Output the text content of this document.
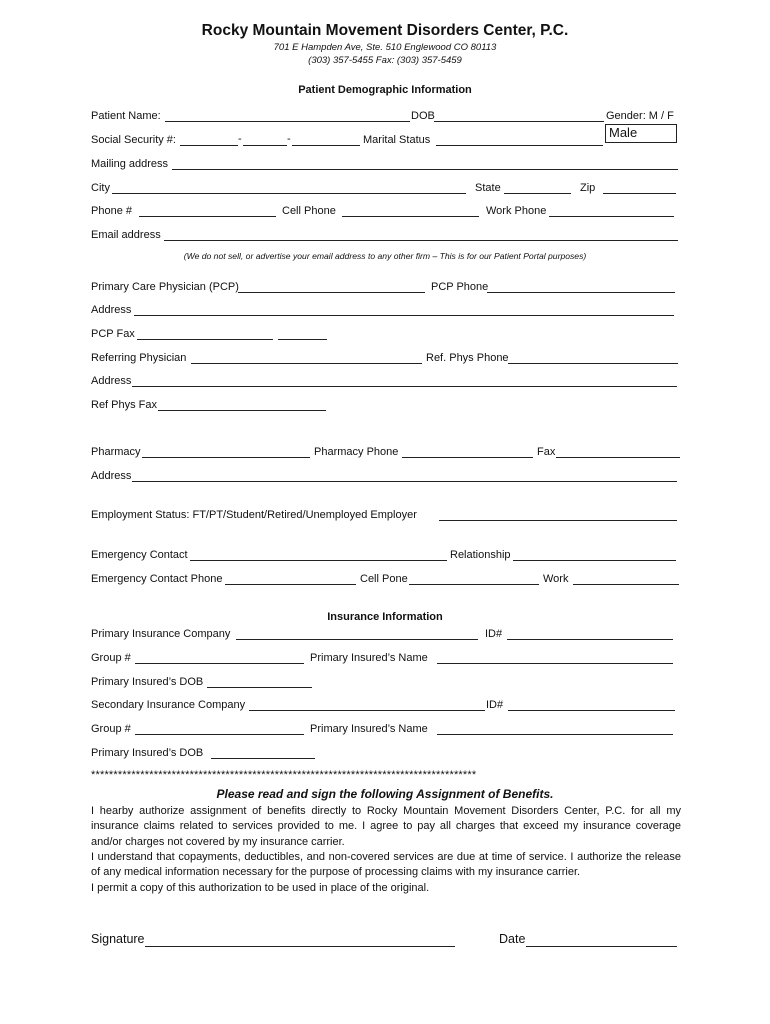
Rocky Mountain Movement Disorders Center, P.C.
701 E Hampden Ave, Ste. 510 Englewood CO 80113
(303) 357-5455 Fax: (303) 357-5459
Patient Demographic Information
Patient Name:	DOB	Gender: M / F
Social Security #:	-	-	Marital Status	Male
Mailing address
City	State	Zip
Phone #	Cell Phone	Work Phone
Email address
(We do not sell, or advertise your email address to any other firm – This is for our Patient Portal purposes)
Primary Care Physician (PCP)	PCP Phone
Address
PCP Fax
Referring Physician	Ref. Phys Phone
Address
Ref Phys Fax
Pharmacy	Pharmacy Phone	Fax
Address
Employment Status: FT/PT/Student/Retired/Unemployed Employer
Emergency Contact	Relationship
Emergency Contact Phone	Cell Pone	Work
Insurance Information
Primary Insurance Company	ID#
Group #	Primary Insured’s Name
Primary Insured’s DOB
Secondary Insurance Company	ID#
Group #	Primary Insured’s Name
Primary Insured’s DOB
**************************************************************************************
Please read and sign the following Assignment of Benefits.
I hearby authorize assignment of benefits directly to Rocky Mountain Movement Disorders Center, P.C. for all my insurance claims related to services provided to me. I agree to pay all charges that exceed my insurance coverage and/or charges not covered by my insurance carrier.
I understand that copayments, deductibles, and non-covered services are due at time of service. I authorize the release of any medical information necessary for the purpose of processing claims with my insurance carrier.
I permit a copy of this authorization to be used in place of the original.
Signature	Date
